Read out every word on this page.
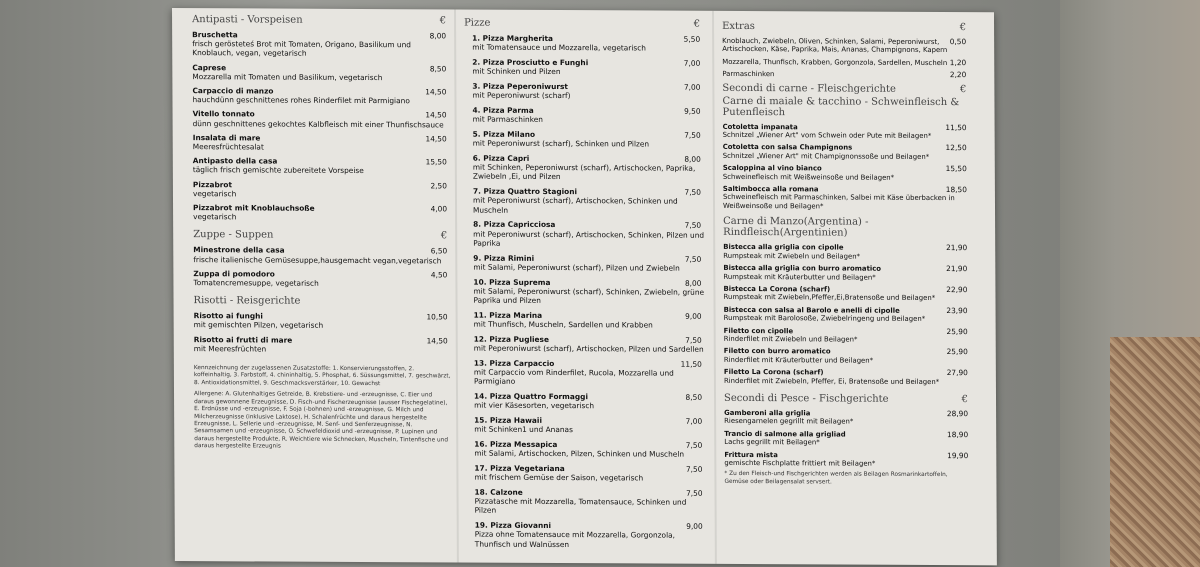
Antipasti - Vorspeisen	€
Bruschetta
frisch gerösteteś Brot mit Tomaten, Origano, Basilikum und Knoblauch, vegan, vegetarisch
8,00
Caprese
Mozzarella mit Tomaten und Basilikum, vegetarisch
8,50
Carpaccio di manzo
hauchdünn geschnittenes rohes Rinderfilet mit Parmigiano
14,50
Vitello tonnato
dünn geschnittenes gekochtes Kalbfleisch mit einer Thunfischsauce
14,50
Insalata di mare
Meeresfrüchtesalat
14,50
Antipasto della casa
täglich frisch gemischte zubereitete Vorspeise
15,50
Pizzabrot
vegetarisch
2,50
Pizzabrot mit Knoblauchsoße
vegetarisch
4,00
Zuppe - Suppen	€
Minestrone della casa
frische italienische Gemüsesuppe,hausgemacht vegan,vegetarisch
6,50
Zuppa di pomodoro
Tomatencremesuppe, vegetarisch
4,50
Risotti - Reisgerichte
Risotto ai funghi
mit gemischten Pilzen, vegetarisch
10,50
Risotto ai frutti di mare
mit Meeresfrüchten
14,50
Kennzeichnung der zugelassenen Zusatzstoffe: 1. Konservierungsstoffen, 2. koffeinhaltig, 3. Farbstoff, 4. chininhaltig, 5. Phosphat, 6. Süssungsmittel, 7. geschwärzt, 8. Antioxidationsmittel, 9. Geschmacksverstärker, 10. Gewachst
Allergene: A. Glutenhaltiges Getreide, B. Krebstiere- und -erzeugnisse, C. Eier und daraus gewonnene Erzeugnisse, D. Fisch-und Fischerzeugnisse (ausser Fischegelatine), E. Erdnüsse und -erzeugnisse, F. Soja (-bohnen) und -erzeugnisse, G. Milch und Milcherzeugnisse (inklusive Laktose), H. Schalenfrüchte und daraus hergestellte Erzeugnisse, L. Sellerie und -erzeugnisse, M. Senf- und Senferzeugnisse, N. Sesamsamen und -erzeugnisse, O. Schwefeldioxid und -erzeugnisse, P. Lupinen und daraus hergestellte Produkte, R. Weichtiere wie Schnecken, Muscheln, Tintenfische und daraus hergestellte Erzeugnis
Pizze	€
1. Pizza Margherita
mit Tomatensauce und Mozzarella, vegetarisch
5,50
2. Pizza Prosciutto e Funghi
mit Schinken und Pilzen
7,00
3. Pizza Peperoniwurst
mit Peperoniwurst (scharf)
7,00
4. Pizza Parma
mit Parmaschinken
9,50
5. Pizza Milano
mit Peperoniwurst (scharf), Schinken und Pilzen
7,50
6. Pizza Capri
mit Schinken, Peperoniwurst (scharf), Artischocken, Paprika, Zwiebeln ,Ei, und Pilzen
8,00
7. Pizza Quattro Stagioni
mit Peperoniwurst (scharf), Artischocken, Schinken und Muscheln
7,50
8. Pizza Capricciosa
mit Peperoniwurst (scharf), Artischocken, Schinken, Pilzen und Paprika
7,50
9. Pizza Rimini
mit Salami, Peperoniwurst (scharf), Pilzen und Zwiebeln
7,50
10. Pizza Suprema
mit Salami, Peperoniwurst (scharf), Schinken, Zwiebeln, grüne Paprika und Pilzen
8,00
11. Pizza Marina
mit Thunfisch, Muscheln, Sardellen und Krabben
9,00
12. Pizza Pugliese
mit Peperoniwurst (scharf), Artischocken, Pilzen und Sardellen
7,50
13. Pizza Carpaccio
mit Carpaccio vom Rinderfilet, Rucola, Mozzarella und Parmigiano
11,50
14. Pizza Quattro Formaggi
mit vier Käsesorten, vegetarisch
8,50
15. Pizza Hawaii
mit Schinken1 und Ananas
7,00
16. Pizza Messapica
mit Salami, Artischocken, Pilzen, Schinken und Muscheln
7,50
17. Pizza Vegetariana
mit frischem Gemüse der Saison, vegetarisch
7,50
18. Calzone
Pizzatasche mit Mozzarella, Tomatensauce, Schinken und Pilzen
7,50
19. Pizza Giovanni
Pizza ohne Tomatensauce mit Mozzarella, Gorgonzola, Thunfisch und Walnüssen
9,00
Extras	€
Knoblauch, Zwiebeln, Oliven, Schinken, Salami, Peperoniwurst, Artischocken, Käse, Paprika, Mais, Ananas, Champignons, Kapern
0,50
Mozzarella, Thunfisch, Krabben, Gorgonzola, Sardellen, Muscheln 1,20
Parmaschinken	2,20
Secondi di carne - Fleischgerichte	€
Carne di maiale & tacchino - Schweinfleisch & Putenfleisch
Cotoletta impanata
Schnitzel „Wiener Art" vom Schwein oder Pute mit Beilagen*
11,50
Cotoletta con salsa Champignons
Schnitzel „Wiener Art" mit Champignonssoße und Beilagen*
12,50
Scaloppina al vino bianco
Schweinefleisch mit Weißweinsoße und Beilagen*
15,50
Saltimbocca alla romana
Schweinefleisch mit Parmaschinken, Salbei mit Käse überbacken in Weißweinsoße und Beilagen*
18,50
Carne di Manzo(Argentina) - Rindfleisch(Argentinien)
Bistecca alla griglia con cipolle
Rumpsteak mit Zwiebeln und Beilagen*
21,90
Bistecca alla griglia con burro aromatico
Rumpsteak mit Kräuterbutter und Beilagen*
21,90
Bistecca La Corona (scharf)
Rumpsteak mit Zwiebeln,Pfeffer,Ei,Bratensoße und Beilagen*
22,90
Bistecca con salsa al Barolo e anelli di cipolle
Rumpsteak mit Barolosoße, Zwiebelringeng und Beilagen*
23,90
Filetto con cipolle
Rinderfilet mit Zwiebeln und Beilagen*
25,90
Filetto con burro aromatico
Rinderfilet mit Kräuterbutter und Beilagen*
25,90
Filetto La Corona (scharf)
Rinderfilet mit Zwiebeln, Pfeffer, Ei, Bratensoße und Beilagen*
27,90
Secondi di Pesce - Fischgerichte	€
Gamberoni alla griglia
Riesengarnelen gegrillt mit Beilagen*
28,90
Trancio di salmone alla grigliad
Lachs gegrillt mit Beilagen*
18,90
Frittura mista
gemischte Fischplatte frittiert mit Beilagen*
19,90
* Zu den Fleisch-und Fischgerichten werden als Beilagen Rosmarinkartoffeln, Gemüse oder Beilagensalat servsert.
